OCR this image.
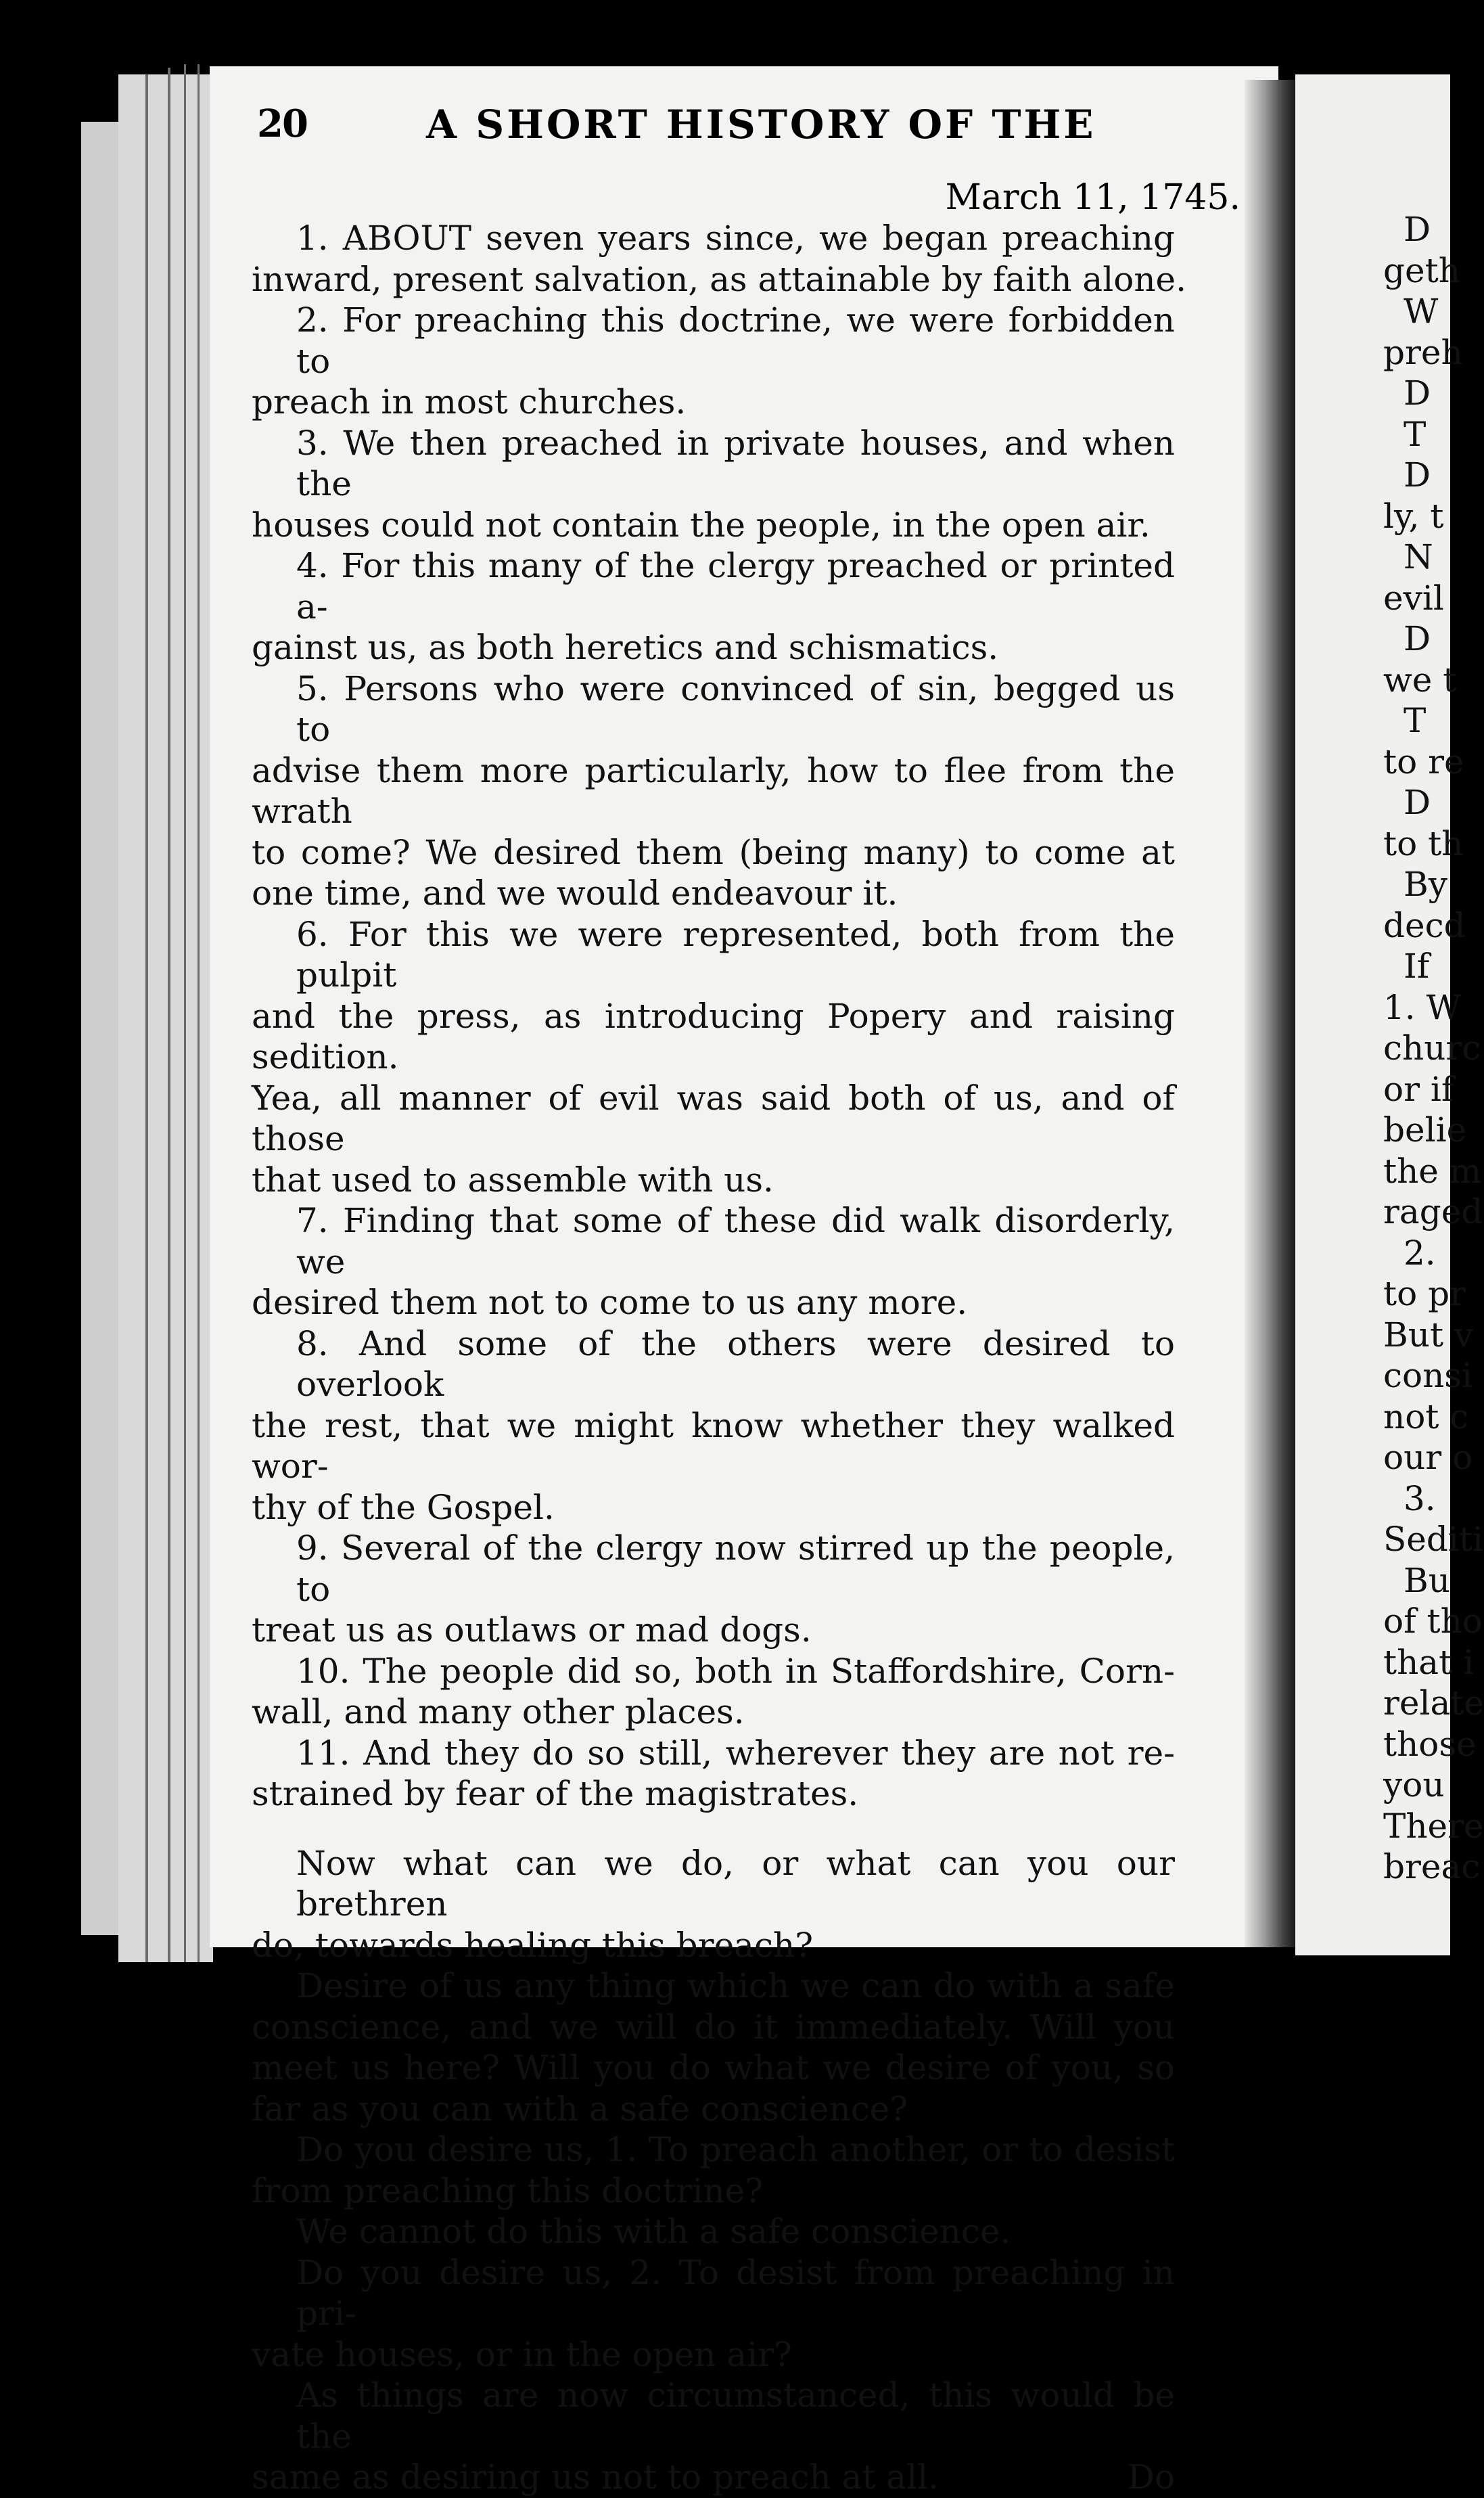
D
geth
W
preh
D
T
D
ly, t
N
evil
D
we t
T
to re
D
to th
By
decd
If
1. W
churc
or if
belie
the m
raged
2.
to pr
But v
consi
not c
our o
3.
Sediti
Bu
of tho
that i
relate
those
you
There
breac
20	A SHORT HISTORY OF THE
March 11, 1745.
1. ABOUT seven years since, we began preaching
inward, present salvation, as attainable by faith alone.
2. For preaching this doctrine, we were forbidden to
preach in most churches.
3. We then preached in private houses, and when the
houses could not contain the people, in the open air.
4. For this many of the clergy preached or printed a-
gainst us, as both heretics and schismatics.
5. Persons who were convinced of sin, begged us to
advise them more particularly, how to flee from the wrath
to come? We desired them (being many) to come at
one time, and we would endeavour it.
6. For this we were represented, both from the pulpit
and the press, as introducing Popery and raising sedition.
Yea, all manner of evil was said both of us, and of those
that used to assemble with us.
7. Finding that some of these did walk disorderly, we
desired them not to come to us any more.
8. And some of the others were desired to overlook
the rest, that we might know whether they walked wor-
thy of the Gospel.
9. Several of the clergy now stirred up the people, to
treat us as outlaws or mad dogs.
10. The people did so, both in Staffordshire, Corn-
wall, and many other places.
11. And they do so still, wherever they are not re-
strained by fear of the magistrates.
Now what can we do, or what can you our brethren
do, towards healing this breach?
Desire of us any thing which we can do with a safe
conscience, and we will do it immediately. Will you
meet us here? Will you do what we desire of you, so
far as you can with a safe conscience?
Do you desire us, 1. To preach another, or to desist
from preaching this doctrine?
We cannot do this with a safe conscience.
Do you desire us, 2. To desist from preaching in pri-
vate houses, or in the open air?
As things are now circumstanced, this would be the
same as desiring us not to preach at all.	Do
